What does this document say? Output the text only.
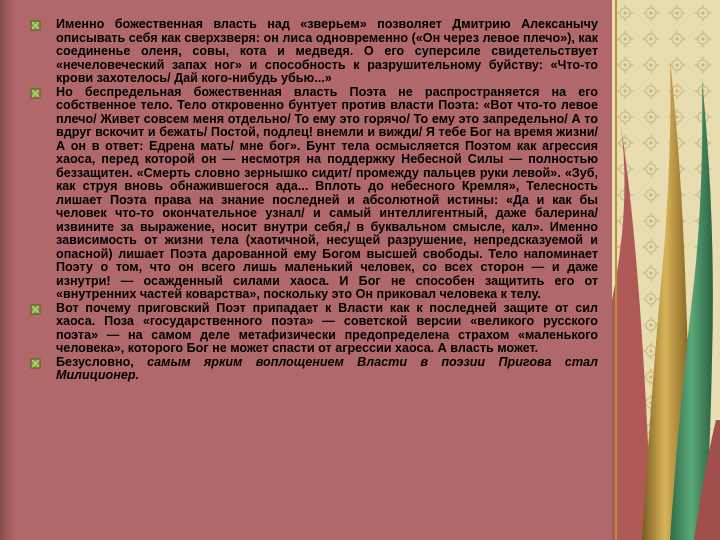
Именно божественная власть над «зверьем» позволяет Дмитрию Алексанычу описывать себя как сверхзверя: он лиса одновременно («Он через левое плечо»), как соединенье оленя, совы, кота и медведя. О его суперсиле свидетельствует «нечеловеческий запах ног» и способность к разрушительному буйству: «Что-то крови захотелось/ Дай кого-нибудь убью...»

Но беспредельная божественная власть Поэта не распространяется на его собственное тело. Тело откровенно бунтует против власти Поэта: «Вот что-то левое плечо/ Живет совсем меня отдельно/ То ему это горячо/ То ему это запредельно/ А то вдруг вскочит и бежать/ Постой, подлец! внемли и вижди/ Я тебе Бог на время жизни/ А он в ответ: Едрена мать/ мне бог». Бунт тела осмысляется Поэтом как агрессия хаоса, перед которой он — несмотря на поддержку Небесной Силы — полностью беззащитен. «Смерть словно зернышко сидит/ промежду пальцев руки левой». «Зуб, как струя вновь обнажившегося ада... Вплоть до небесного Кремля», Телесность лишает Поэта права на знание последней и абсолютной истины: «Да и как бы человек что-то окончательное узнал/ и самый интеллигентный, даже балерина/ извините за выражение, носит внутри себя,/ в буквальном смысле, кал». Именно зависимость от жизни тела (хаотичной, несущей разрушение, непредсказуемой и опасной) лишает Поэта дарованной ему Богом высшей свободы. Тело напоминает Поэту о том, что он всего лишь маленький человек, со всех сторон — и даже изнутри! — осажденный силами хаоса. И Бог не способен защитить его от «внутренних частей коварства», поскольку это Он приковал человека к телу.

Вот почему приговский Поэт припадает к Власти как к последней защите от сил хаоса. Поза «государственного поэта» — советской версии «великого русского поэта» — на самом деле метафизически предопределена страхом «маленького человека», которого Бог не может спасти от агрессии хаоса. А власть может.

Безусловно, самым ярким воплощением Власти в поэзии Пригова стал Милиционер.
